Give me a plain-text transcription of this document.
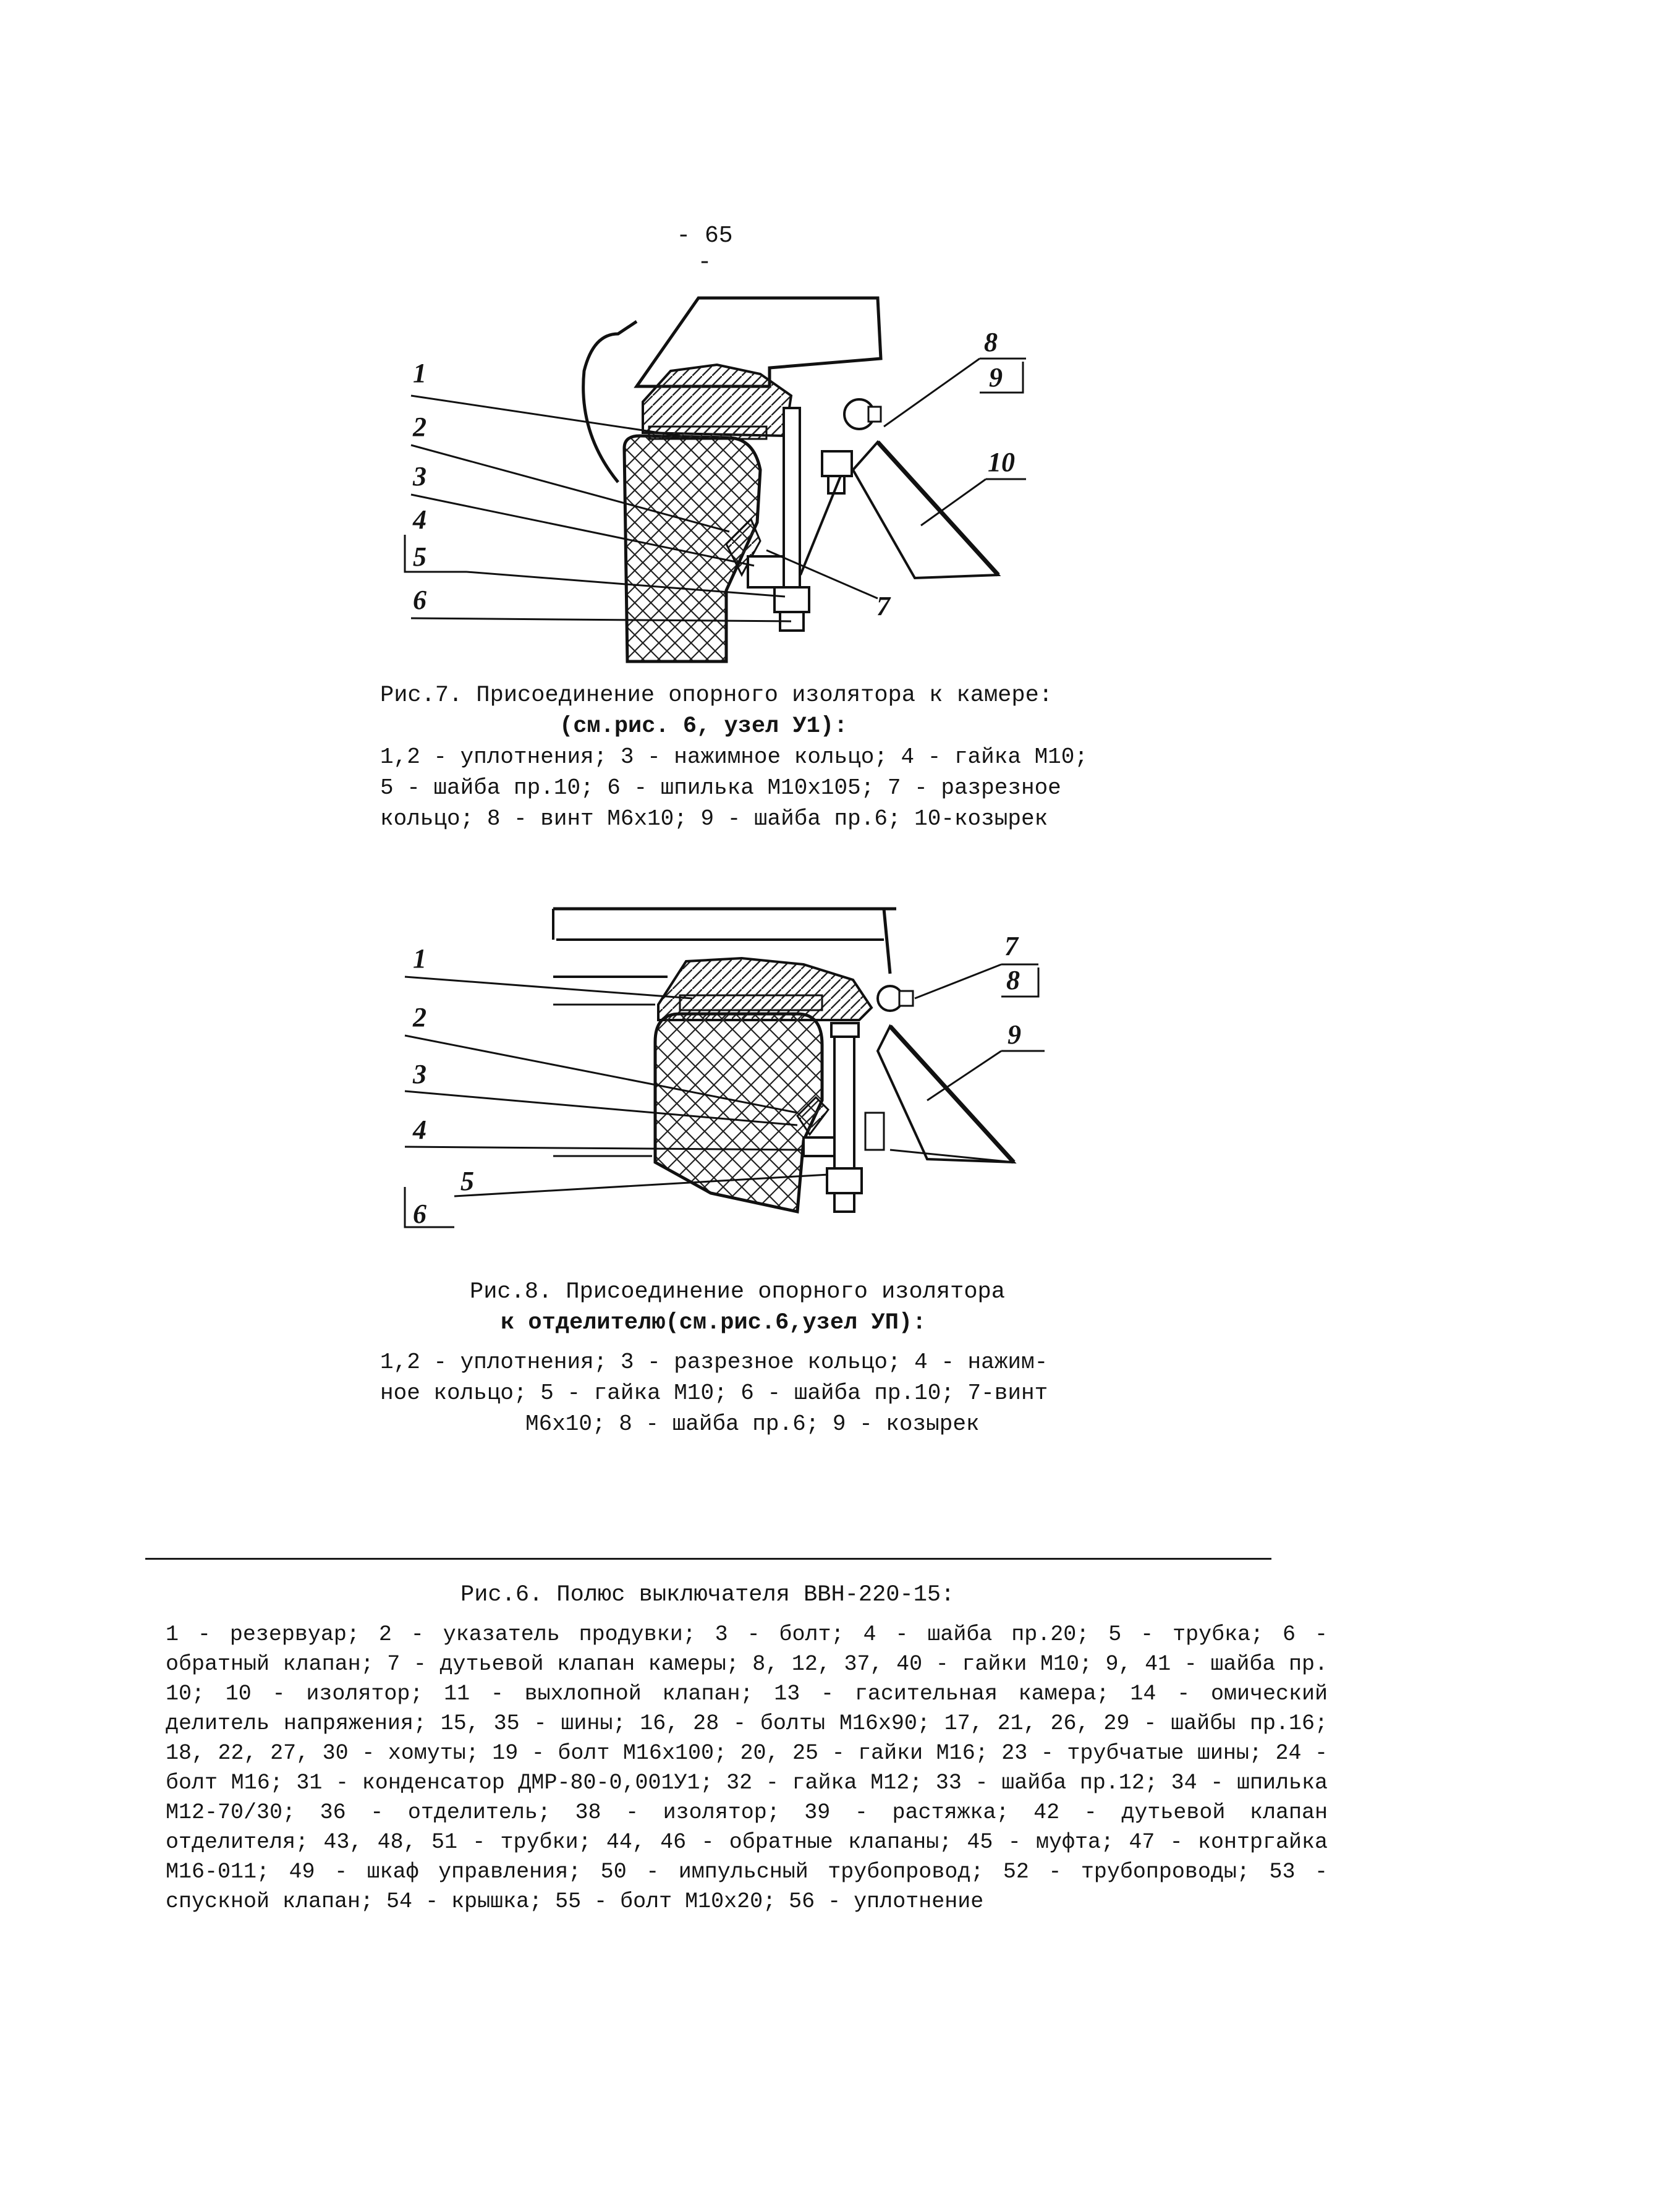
- 65 -
1
2
3
4
5
6	7
8
9
10
Рис.7. Присоединение опорного изолятора к камере:
(см.рис. 6, узел У1):
1,2 - уплотнения; 3 - нажимное кольцо; 4 - гайка М10;
5 - шайба пр.10; 6 - шпилька М10х105; 7 - разрезное
кольцо; 8 - винт М6х10; 9 - шайба пр.6; 10-козырек
1
2
3
4
5
6
7
8
9
Рис.8. Присоединение опорного изолятора
к отделителю(см.рис.6,узел УП):
1,2 - уплотнения; 3 - разрезное кольцо; 4 - нажим-
ное кольцо; 5 - гайка М10; 6 - шайба пр.10; 7-винт
М6х10; 8 - шайба пр.6; 9 - козырек
Рис.6. Полюс выключателя ВВН-220-15:
1 - резервуар; 2 - указатель продувки; 3 - болт; 4 - шайба пр.20; 5 - трубка; 6 - обратный клапан; 7 - дутьевой клапан камеры; 8, 12, 37, 40 - гайки М10; 9, 41 - шайба пр. 10; 10 - изолятор; 11 - выхлопной клапан; 13 - гасительная камера; 14 - омический делитель напряжения; 15, 35 - шины; 16, 28 - болты М16х90; 17, 21, 26, 29 - шайбы пр.16; 18, 22, 27, 30 - хомуты; 19 - болт М16х100; 20, 25 - гайки М16; 23 - трубчатые шины; 24 - болт М16; 31 - конденсатор ДМР-80-0,001У1; 32 - гайка М12; 33 - шайба пр.12; 34 - шпилька М12-70/30; 36 - отделитель; 38 - изолятор; 39 - растяжка; 42 - дутьевой клапан отделителя; 43, 48, 51 - трубки; 44, 46 - обратные клапаны; 45 - муфта; 47 - контргайка М16-011; 49 - шкаф управления; 50 - импульсный трубопровод; 52 - трубопроводы; 53 - спускной клапан; 54 - крышка; 55 - болт М10х20; 56 - уплотнение
